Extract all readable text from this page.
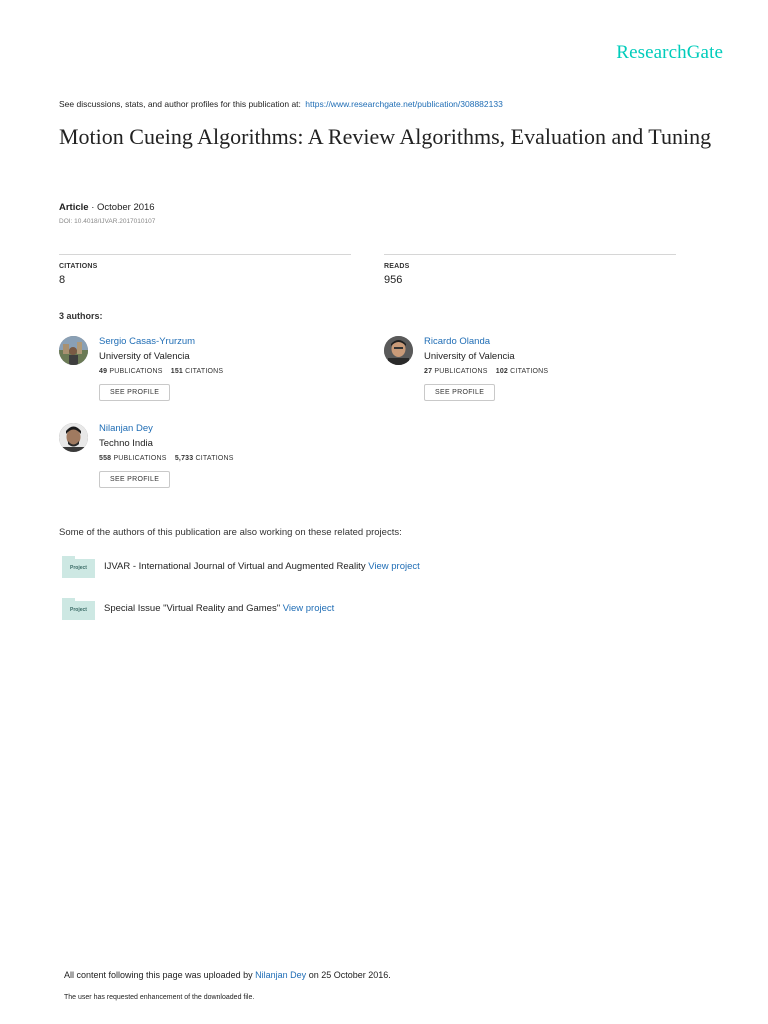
ResearchGate
See discussions, stats, and author profiles for this publication at: https://www.researchgate.net/publication/308882133
Motion Cueing Algorithms: A Review Algorithms, Evaluation and Tuning
Article · October 2016
DOI: 10.4018/IJVAR.2017010107
CITATIONS
8
READS
956
3 authors:
Sergio Casas-Yrurzum
University of Valencia
49 PUBLICATIONS 151 CITATIONS
SEE PROFILE
Ricardo Olanda
University of Valencia
27 PUBLICATIONS 102 CITATIONS
SEE PROFILE
Nilanjan Dey
Techno India
558 PUBLICATIONS 5,733 CITATIONS
SEE PROFILE
Some of the authors of this publication are also working on these related projects:
Project	IJVAR - International Journal of Virtual and Augmented Reality View project
Project	Special Issue "Virtual Reality and Games" View project
All content following this page was uploaded by Nilanjan Dey on 25 October 2016.
The user has requested enhancement of the downloaded file.
